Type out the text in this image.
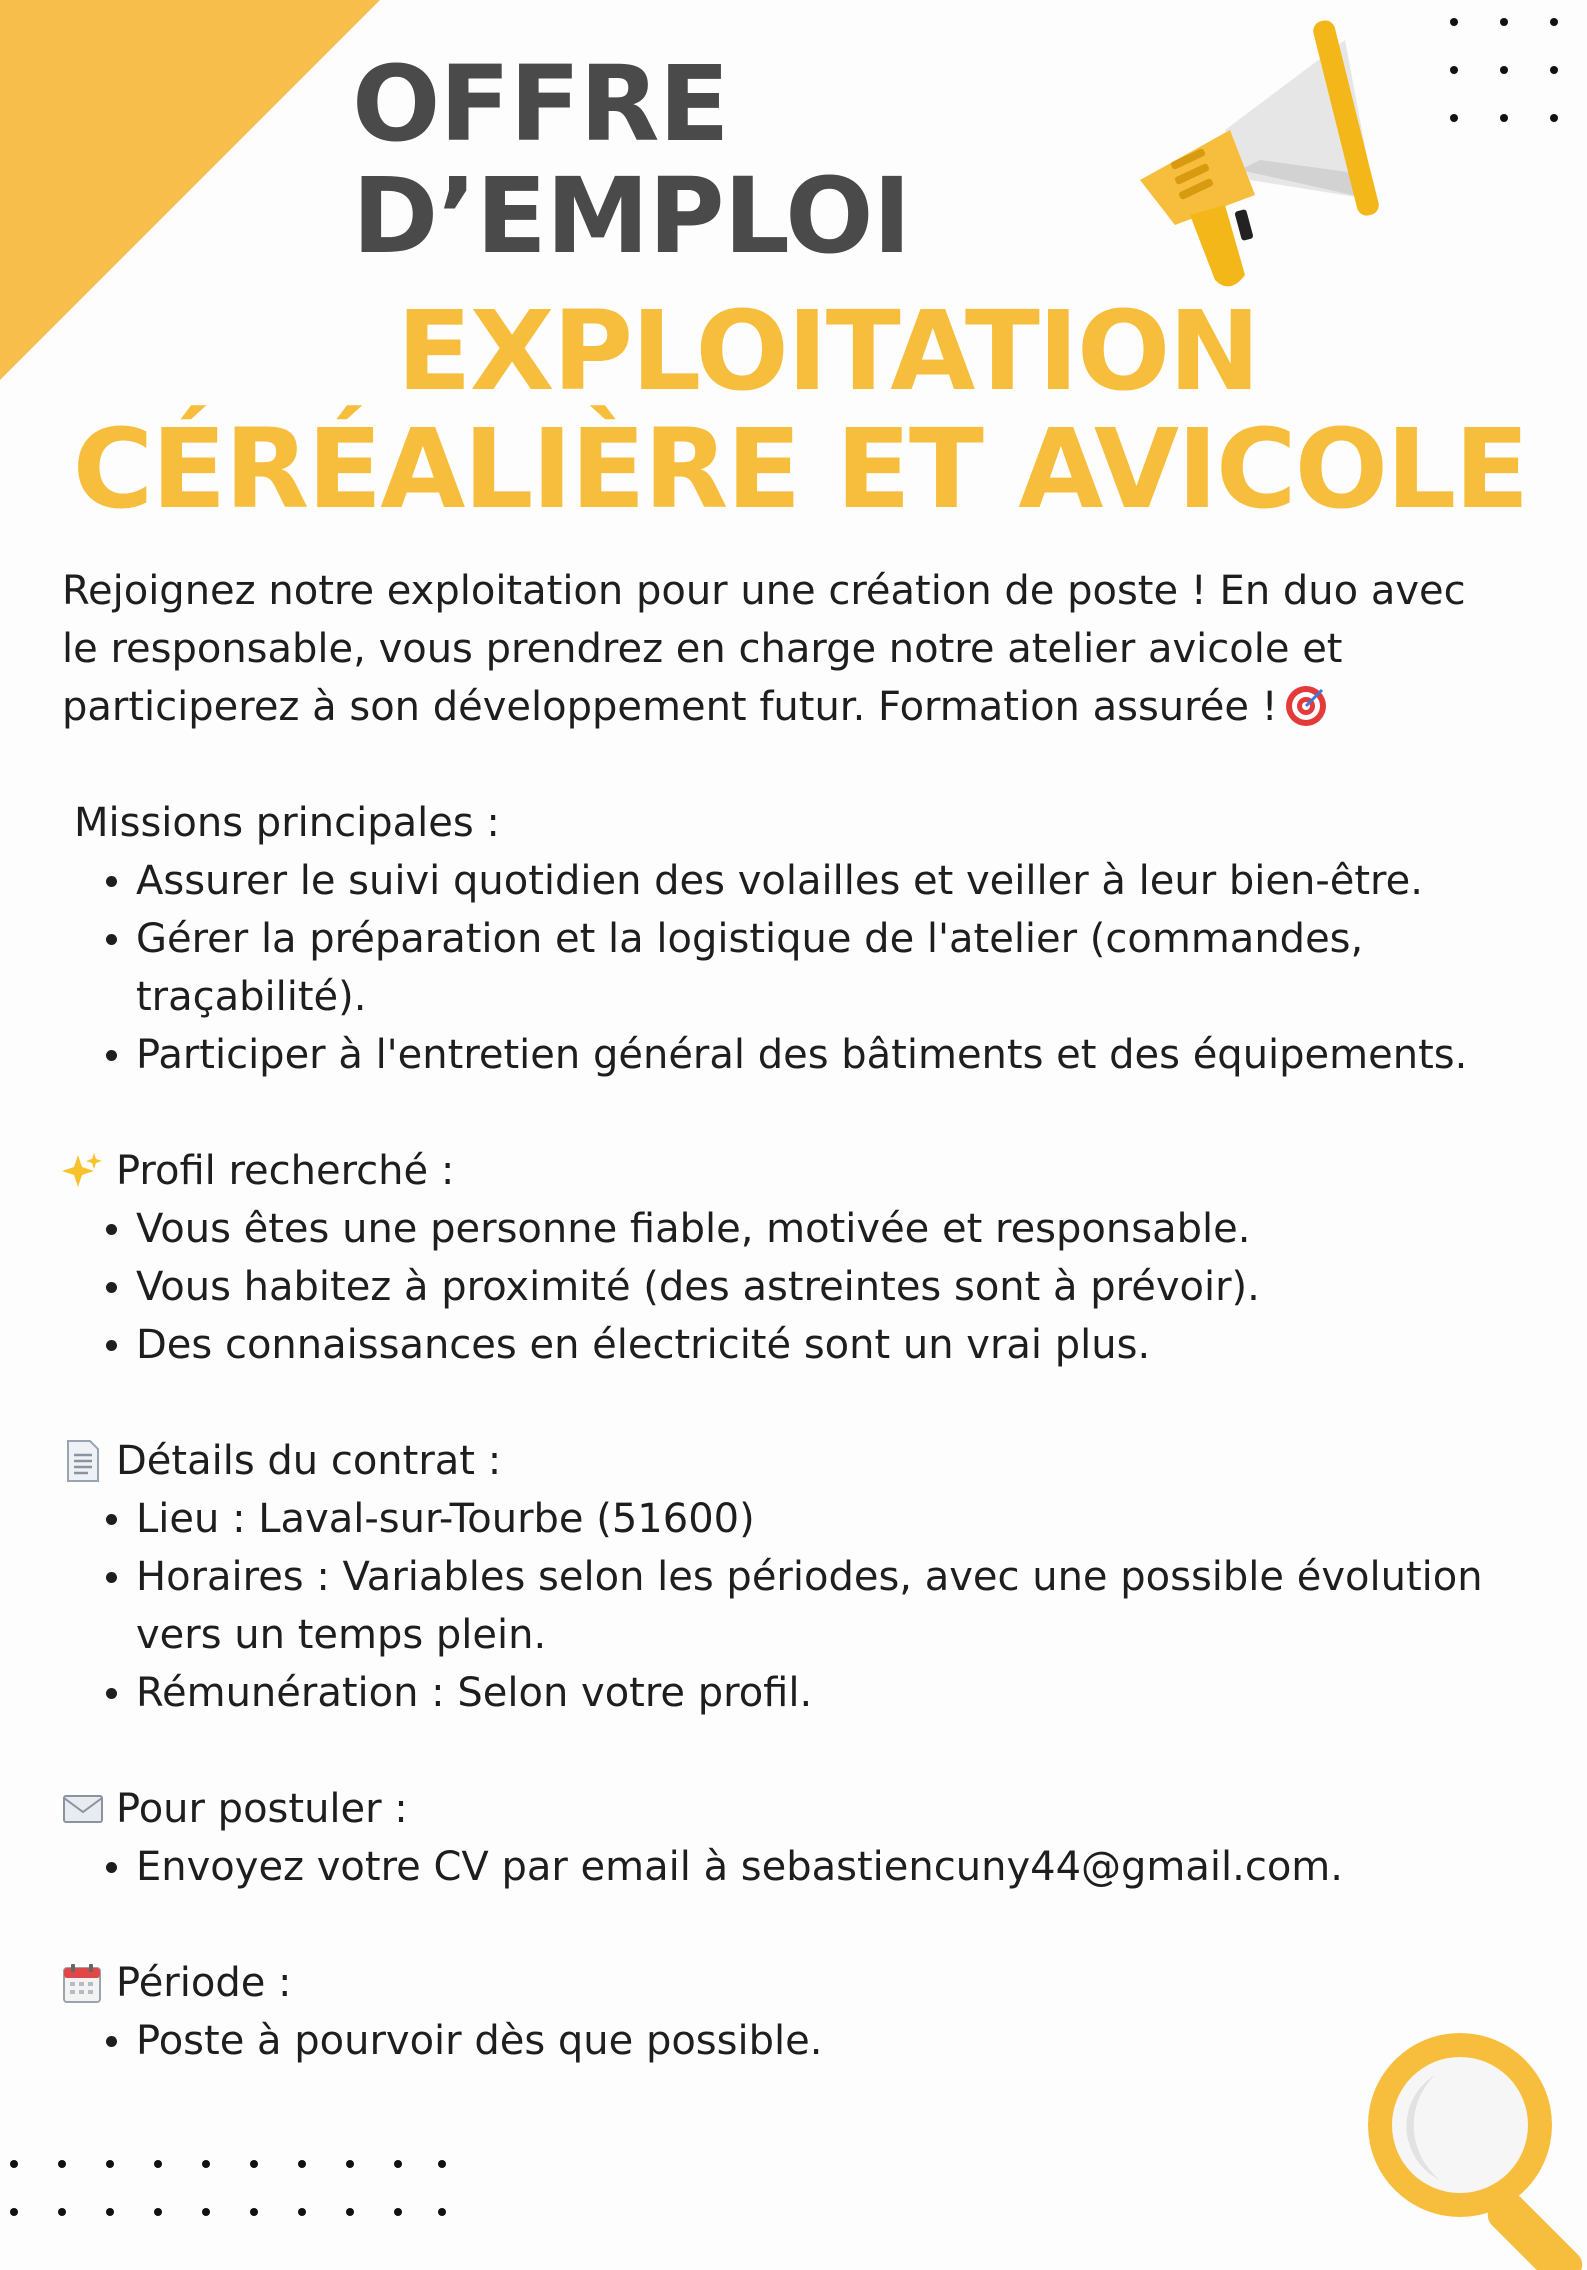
OFFRE
D’EMPLOI
EXPLOITATION
CÉRÉALIÈRE ET AVICOLE

Rejoignez notre exploitation pour une création de poste ! En duo avec le responsable, vous prendrez en charge notre atelier avicole et participerez à son développement futur. Formation assurée !

Missions principales :

Assurer le suivi quotidien des volailles et veiller à leur bien-être.
Gérer la préparation et la logistique de l'atelier (commandes, traçabilité).
Participer à l'entretien général des bâtiments et des équipements.

Profil recherché :

Vous êtes une personne fiable, motivée et responsable.
Vous habitez à proximité (des astreintes sont à prévoir).
Des connaissances en électricité sont un vrai plus.

Détails du contrat :

Lieu : Laval-sur-Tourbe (51600)
Horaires : Variables selon les périodes, avec une possible évolution vers un temps plein.
Rémunération : Selon votre profil.

Pour postuler :

Envoyez votre CV par email à sebastiencuny44@gmail.com.

Période :

Poste à pourvoir dès que possible.
